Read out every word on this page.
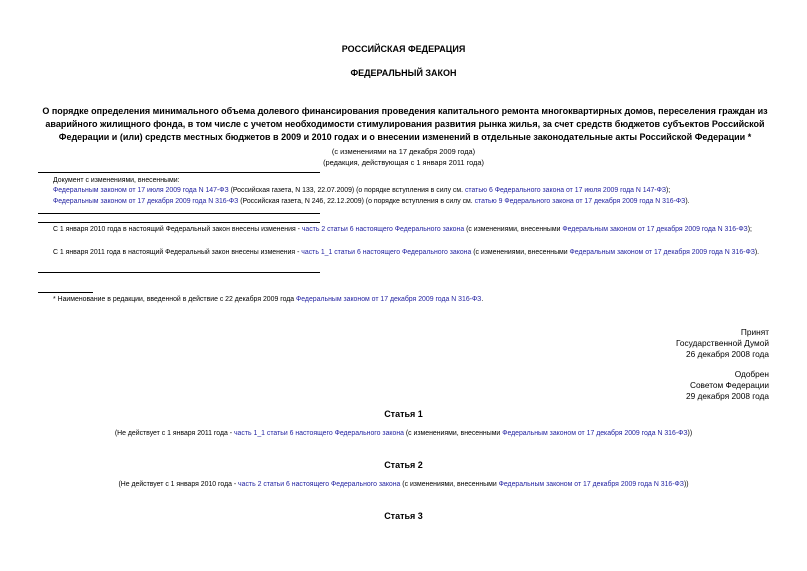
РОССИЙСКАЯ ФЕДЕРАЦИЯ
ФЕДЕРАЛЬНЫЙ ЗАКОН
О порядке определения минимального объема долевого финансирования проведения капитального ремонта многоквартирных домов, переселения граждан из аварийного жилищного фонда, в том числе с учетом необходимости стимулирования развития рынка жилья, за счет средств бюджетов субъектов Российской Федерации и (или) средств местных бюджетов в 2009 и 2010 годах и о внесении изменений в отдельные законодательные акты Российской Федерации *
(с изменениями на 17 декабря 2009 года)
(редакция, действующая с 1 января 2011 года)
Документ с изменениями, внесенными:
Федеральным законом от 17 июля 2009 года N 147-ФЗ (Российская газета, N 133, 22.07.2009) (о порядке вступления в силу см. статью 6 Федерального закона от 17 июля 2009 года N 147-ФЗ);
Федеральным законом от 17 декабря 2009 года N 316-ФЗ (Российская газета, N 246, 22.12.2009) (о порядке вступления в силу см. статью 9 Федерального закона от 17 декабря 2009 года N 316-ФЗ).
С 1 января 2010 года в настоящий Федеральный закон внесены изменения - часть 2 статьи 6 настоящего Федерального закона (с изменениями, внесенными Федеральным законом от 17 декабря 2009 года N 316-ФЗ);
С 1 января 2011 года в настоящий Федеральный закон внесены изменения - часть 1_1 статьи 6 настоящего Федерального закона (с изменениями, внесенными Федеральным законом от 17 декабря 2009 года N 316-ФЗ).
* Наименование в редакции, введенной в действие с 22 декабря 2009 года Федеральным законом от 17 декабря 2009 года N 316-ФЗ.
Принят
Государственной Думой
26 декабря 2008 года
Одобрен
Советом Федерации
29 декабря 2008 года
Статья 1
(Не действует с 1 января 2011 года - часть 1_1 статьи 6 настоящего Федерального закона (с изменениями, внесенными Федеральным законом от 17 декабря 2009 года N 316-ФЗ))
Статья 2
(Не действует с 1 января 2010 года - часть 2 статьи 6 настоящего Федерального закона (с изменениями, внесенными Федеральным законом от 17 декабря 2009 года N 316-ФЗ))
Статья 3
